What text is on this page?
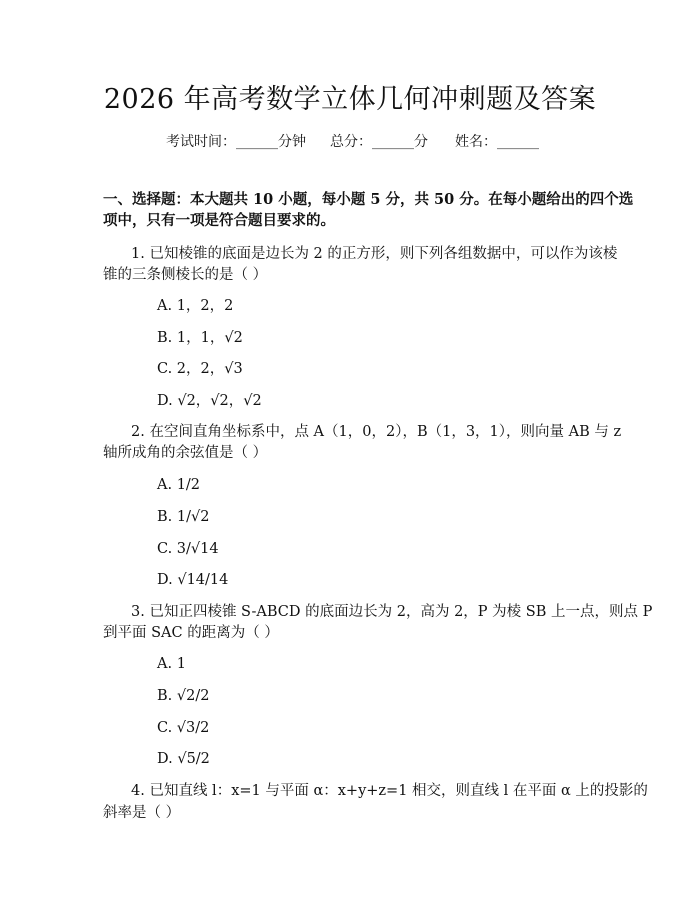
2026 年高考数学立体几何冲刺题及答案
考试时间：______分钟 总分：______分 姓名：______
一、选择题：本大题共 10 小题，每小题 5 分，共 50 分。在每小题给出的四个选
项中，只有一项是符合题目要求的。
1. 已知棱锥的底面是边长为 2 的正方形，则下列各组数据中，可以作为该棱
锥的三条侧棱长的是（ ）
A. 1，2，2
B. 1，1，√2
C. 2，2，√3
D. √2，√2，√2
2. 在空间直角坐标系中，点 A（1，0，2），B（1，3，1），则向量 AB 与 z
轴所成角的余弦值是（ ）
A. 1/2
B. 1/√2
C. 3/√14
D. √14/14
3. 已知正四棱锥 S-ABCD 的底面边长为 2，高为 2，P 为棱 SB 上一点，则点 P
到平面 SAC 的距离为（ ）
A. 1
B. √2/2
C. √3/2
D. √5/2
4. 已知直线 l：x=1 与平面 α：x+y+z=1 相交，则直线 l 在平面 α 上的投影的
斜率是（ ）
